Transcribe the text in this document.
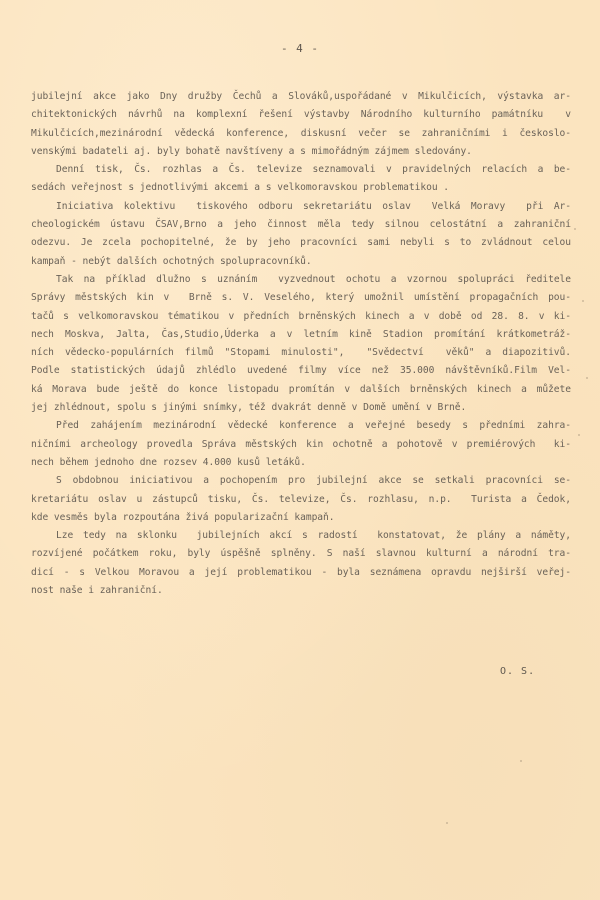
- 4 -
jubilejní akce jako Dny družby Čechů a Slováků,uspořádané v Mikulčicích, výstavka ar-
chitektonických návrhů na komplexní řešení výstavby Národního kulturního památníku  v
Mikulčicích,mezinárodní vědecká konference, diskusní večer se zahraničními i českoslo-
venskými badateli aj. byly bohatě navštíveny a s mimořádným zájmem sledovány.
Denní tisk, Čs. rozhlas a Čs. televize seznamovali v pravidelných relacích a be-
sedách veřejnost s jednotlivými akcemi a s velkomoravskou problematikou .
Iniciativa kolektivu  tiskového odboru sekretariátu oslav  Velká Moravy  při Ar-
cheologickém ústavu ČSAV,Brno a jeho činnost měla tedy silnou celostátní a zahraniční
odezvu. Je zcela pochopitelné, že by jeho pracovníci sami nebyli s to zvládnout celou
kampaň - nebýt dalších ochotných spolupracovníků.
Tak na příklad dlužno s uznáním  vyzvednout ochotu a vzornou spolupráci ředitele
Správy městských kin v  Brně s. V. Veselého, který umožnil umístění propagačních pou-
tačů s velkomoravskou tématikou v předních brněnských kinech a v době od 28. 8. v ki-
nech Moskva, Jalta, Čas,Studio,Úderka a v letním kině Stadion promítání krátkometráž-
ních vědecko-populárních filmů "Stopami minulosti",  "Svědectví  věků" a diapozitivů.
Podle statistických údajů zhlédlo uvedené filmy více než 35.000 návštěvníků.Film Vel-
ká Morava bude ještě do konce listopadu promítán v dalších brněnských kinech a můžete
jej zhlédnout, spolu s jinými snímky, též dvakrát denně v Domě umění v Brně.
Před zahájením mezinárodní vědecké konference a veřejné besedy s předními zahra-
ničními archeology provedla Správa městských kin ochotně a pohotově v premiérových  ki-
nech během jednoho dne rozsev 4.000 kusů letáků.
S obdobnou iniciativou a pochopením pro jubilejní akce se setkali pracovníci se-
kretariátu oslav u zástupců tisku, Čs. televize, Čs. rozhlasu, n.p.  Turista a Čedok,
kde vesměs byla rozpoutána živá popularizační kampaň.
Lze tedy na sklonku  jubilejních akcí s radostí  konstatovat, že plány a náměty,
rozvíjené počátkem roku, byly úspěšně splněny. S naší slavnou kulturní a národní tra-
dicí - s Velkou Moravou a její problematikou - byla seznámena opravdu nejširší veřej-
nost naše i zahraniční.
O. S.
